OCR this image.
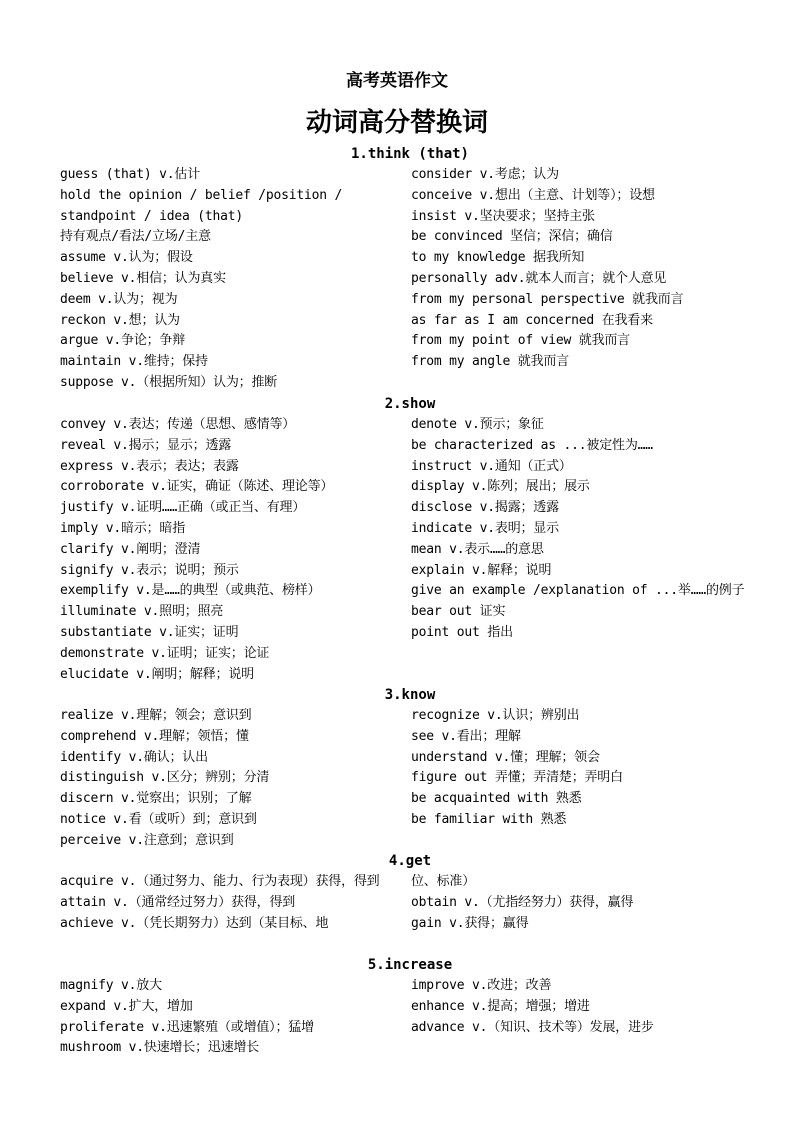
高考英语作文
动词高分替换词
1.think (that)
guess (that) v.估计
hold the opinion / belief /position / standpoint / idea (that)
持有观点/看法/立场/主意
assume v.认为；假设
believe v.相信；认为真实
deem v.认为；视为
reckon v.想；认为
argue v.争论；争辩
maintain v.维持；保持
suppose v.（根据所知）认为；推断
consider v.考虑；认为
conceive v.想出（主意、计划等）；设想
insist v.坚决要求；坚持主张
be convinced 坚信；深信；确信
to my knowledge 据我所知
personally adv.就本人而言；就个人意见
from my personal perspective 就我而言
as far as I am concerned 在我看来
from my point of view 就我而言
from my angle 就我而言
2.show
convey v.表达；传递（思想、感情等）
reveal v.揭示；显示；透露
express v.表示；表达；表露
corroborate v.证实，确证（陈述、理论等）
justify v.证明……正确（或正当、有理）
imply v.暗示；暗指
clarify v.阐明；澄清
signify v.表示；说明；预示
exemplify v.是……的典型（或典范、榜样）
illuminate v.照明；照亮
substantiate v.证实；证明
demonstrate v.证明；证实；论证
elucidate v.阐明；解释；说明
denote v.预示；象征
be characterized as ...被定性为……
instruct v.通知（正式）
display v.陈列；展出；展示
disclose v.揭露；透露
indicate v.表明；显示
mean v.表示……的意思
explain v.解释；说明
give an example /explanation of ...举……的例子
bear out 证实
point out 指出
3.know
realize v.理解；领会；意识到
comprehend v.理解；领悟；懂
identify v.确认；认出
distinguish v.区分；辨别；分清
discern v.觉察出；识别；了解
notice v.看（或听）到；意识到
perceive v.注意到；意识到
recognize v.认识；辨别出
see v.看出；理解
understand v.懂；理解；领会
figure out 弄懂；弄清楚；弄明白
be acquainted with 熟悉
be familiar with 熟悉
4.get
acquire v.（通过努力、能力、行为表现）获得，得到
attain v.（通常经过努力）获得，得到
achieve v.（凭长期努力）达到（某目标、地
位、标准）
obtain v.（尤指经努力）获得，赢得
gain v.获得；赢得
5.increase
magnify v.放大
expand v.扩大，增加
proliferate v.迅速繁殖（或增值）；猛增
mushroom v.快速增长；迅速增长
improve v.改进；改善
enhance v.提高；增强；增进
advance v.（知识、技术等）发展，进步
